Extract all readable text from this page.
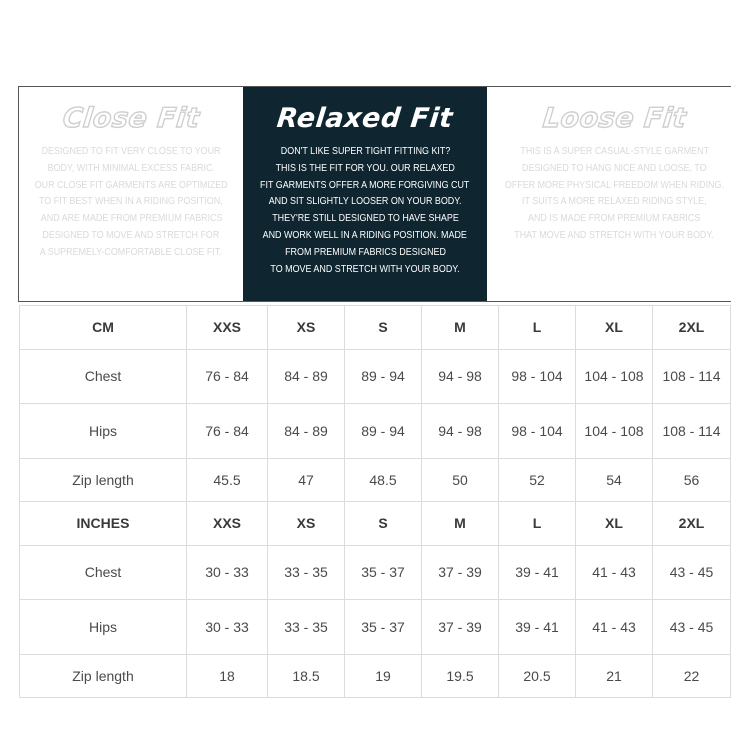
Close Fit
DESIGNED TO FIT VERY CLOSE TO YOUR
BODY, WITH MINIMAL EXCESS FABRIC.
OUR CLOSE FIT GARMENTS ARE OPTIMIZED
TO FIT BEST WHEN IN A RIDING POSITION,
AND ARE MADE FROM PREMIUM FABRICS
DESIGNED TO MOVE AND STRETCH FOR
A SUPREMELY-COMFORTABLE CLOSE FIT.
Relaxed Fit
DON'T LIKE SUPER TIGHT FITTING KIT?
THIS IS THE FIT FOR YOU. OUR RELAXED
FIT GARMENTS OFFER A MORE FORGIVING CUT
AND SIT SLIGHTLY LOOSER ON YOUR BODY.
THEY'RE STILL DESIGNED TO HAVE SHAPE
AND WORK WELL IN A RIDING POSITION. MADE
FROM PREMIUM FABRICS DESIGNED
TO MOVE AND STRETCH WITH YOUR BODY.
Loose Fit
THIS IS A SUPER CASUAL-STYLE GARMENT
DESIGNED TO HANG NICE AND LOOSE, TO
OFFER MORE PHYSICAL FREEDOM WHEN RIDING.
IT SUITS A MORE RELAXED RIDING STYLE,
AND IS MADE FROM PREMIUM FABRICS
THAT MOVE AND STRETCH WITH YOUR BODY.
CM	XXS	XS	S	M	L	XL	2XL
Chest	76 - 84	84 - 89	89 - 94	94 - 98	98 - 104	104 - 108	108 - 114
Hips	76 - 84	84 - 89	89 - 94	94 - 98	98 - 104	104 - 108	108 - 114
Zip length	45.5	47	48.5	50	52	54	56
INCHES	XXS	XS	S	M	L	XL	2XL
Chest	30 - 33	33 - 35	35 - 37	37 - 39	39 - 41	41 - 43	43 - 45
Hips	30 - 33	33 - 35	35 - 37	37 - 39	39 - 41	41 - 43	43 - 45
Zip length	18	18.5	19	19.5	20.5	21	22
